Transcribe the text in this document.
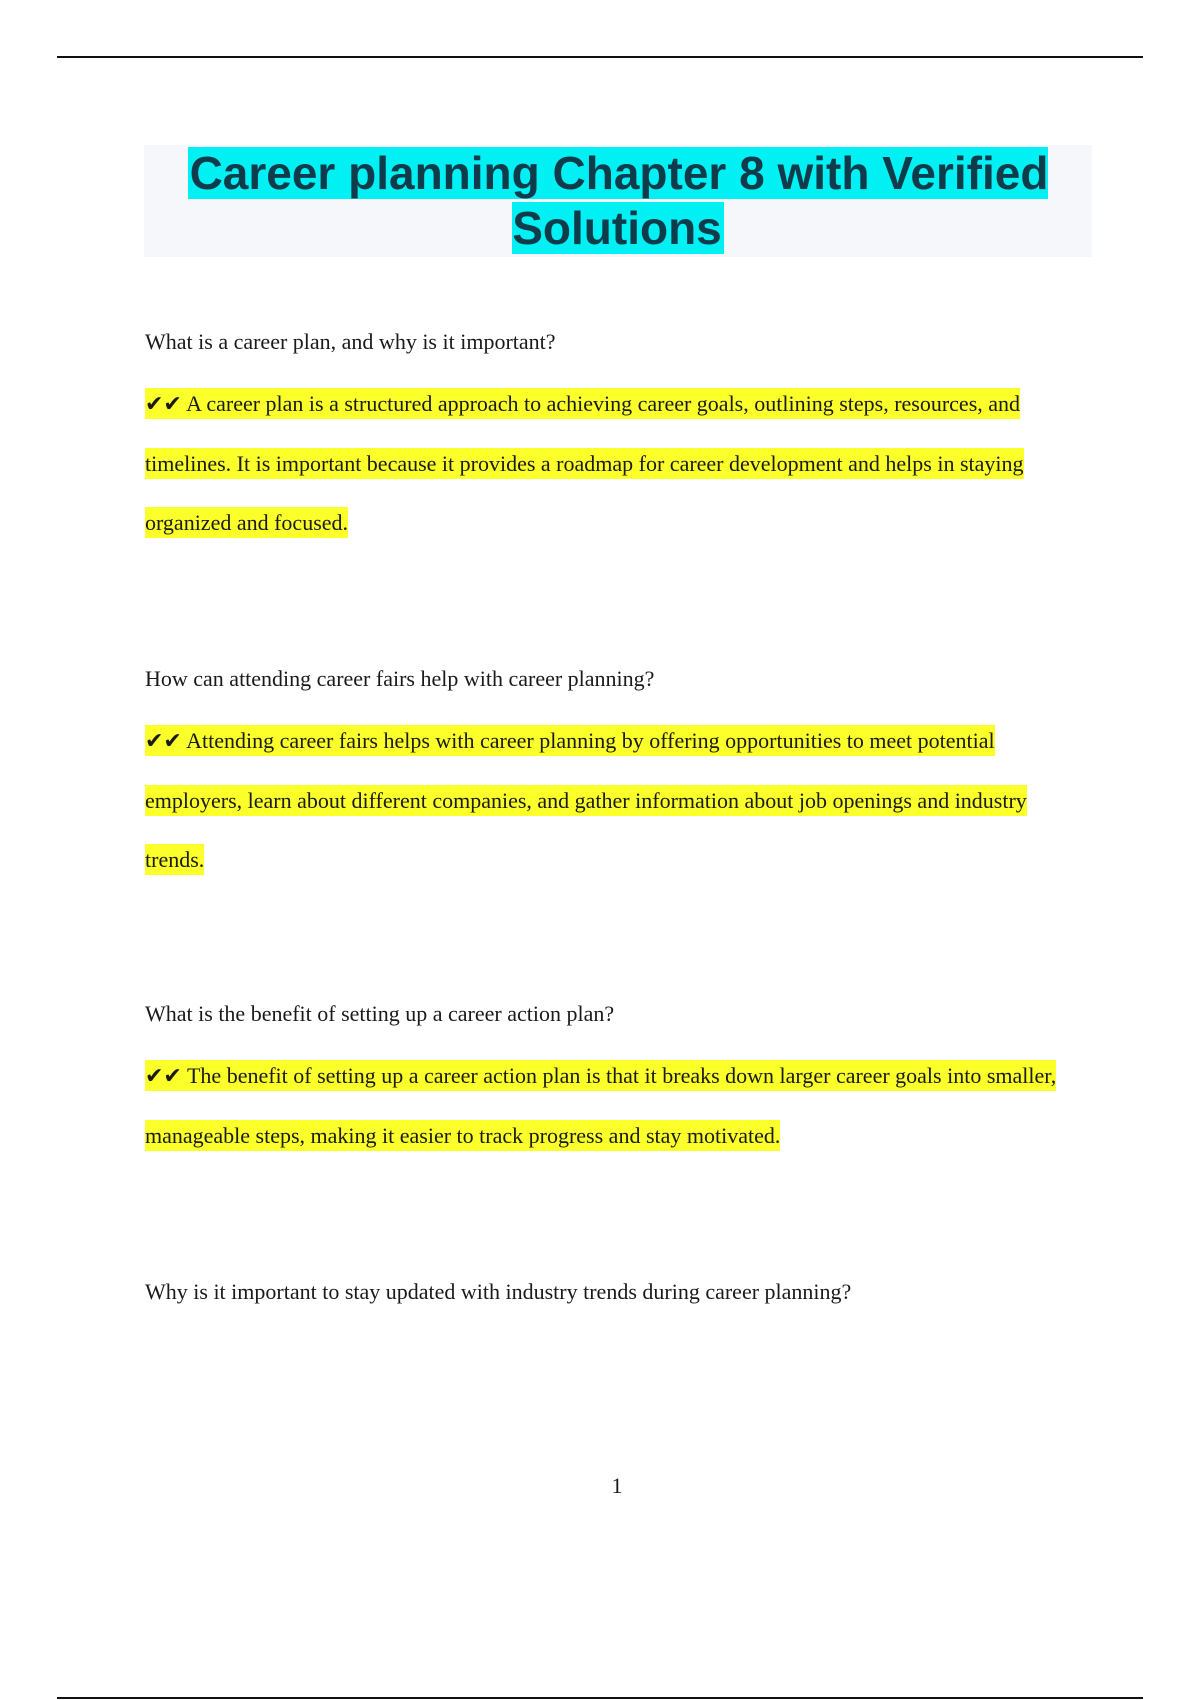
Career planning Chapter 8 with Verified Solutions

What is a career plan, and why is it important?

✔✔ A career plan is a structured approach to achieving career goals, outlining steps, resources, and timelines. It is important because it provides a roadmap for career development and helps in staying organized and focused.

How can attending career fairs help with career planning?

✔✔ Attending career fairs helps with career planning by offering opportunities to meet potential employers, learn about different companies, and gather information about job openings and industry trends.

What is the benefit of setting up a career action plan?

✔✔ The benefit of setting up a career action plan is that it breaks down larger career goals into smaller, manageable steps, making it easier to track progress and stay motivated.

Why is it important to stay updated with industry trends during career planning?

1
